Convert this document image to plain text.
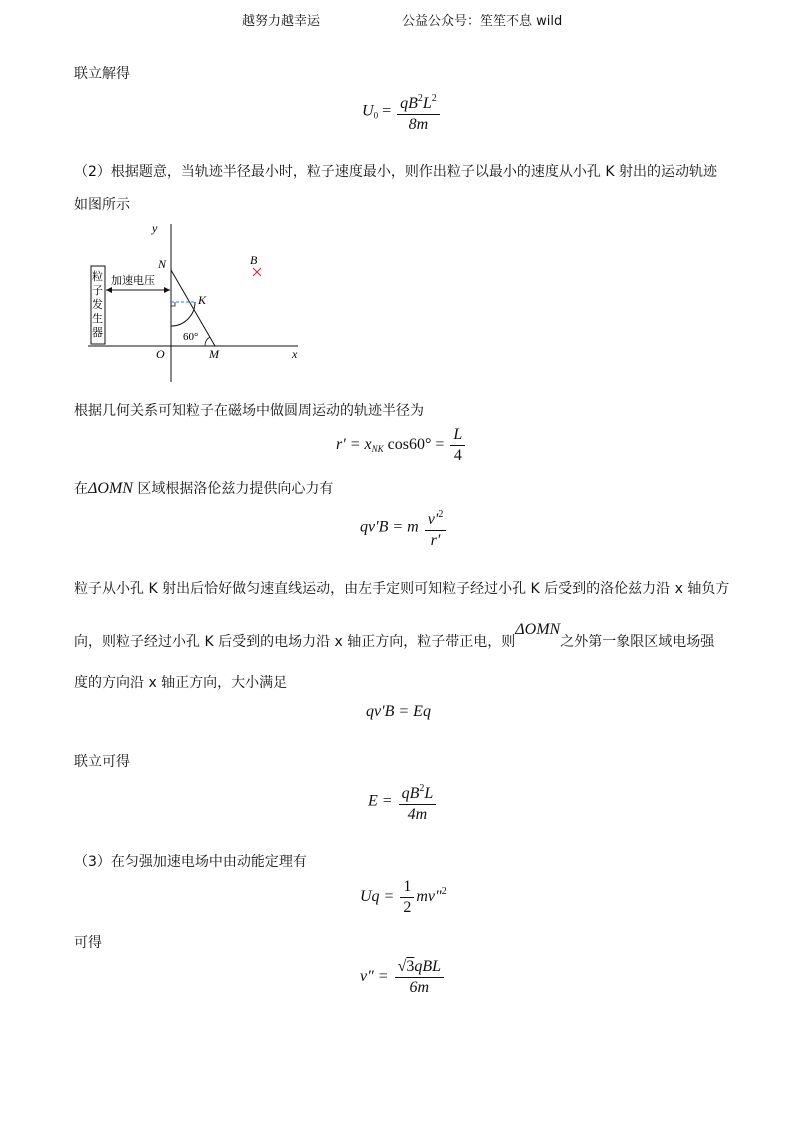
越努力越幸运	公益公众号：笙笙不息 wild
联立解得
$U_0 = \frac{qB^2L^2}{8m}$
（2）根据题意，当轨迹半径最小时，粒子速度最小，则作出粒子以最小的速度从小孔 K 射出的运动轨迹
如图所示
y
x
O
N
K
M
B
60°
加速电压
粒
子
发
生
器
根据几何关系可知粒子在磁场中做圆周运动的轨迹半径为
$r' = x_{NK}$ $\cos 60^\circ = \frac{L}{4}$
在ΔOMN 区域根据洛伦兹力提供向心力有
qv′B = m $\frac{v'^2}{r'}$
粒子从小孔 K 射出后恰好做匀速直线运动，由左手定则可知粒子经过小孔 K 后受到的洛伦兹力沿 x 轴负方
向，则粒子经过小孔 K 后受到的电场力沿 x 轴正方向，粒子带正电，则ΔOMN之外第一象限区域电场强
度的方向沿 x 轴正方向，大小满足
qv′B = Eq
联立可得
$E = \frac{qB^2L}{4m}$
（3）在匀强加速电场中由动能定理有
$Uq = \frac{1}{2} mv''^2$
可得
$v'' = \frac{\text{√3qBL}}{6m}$
